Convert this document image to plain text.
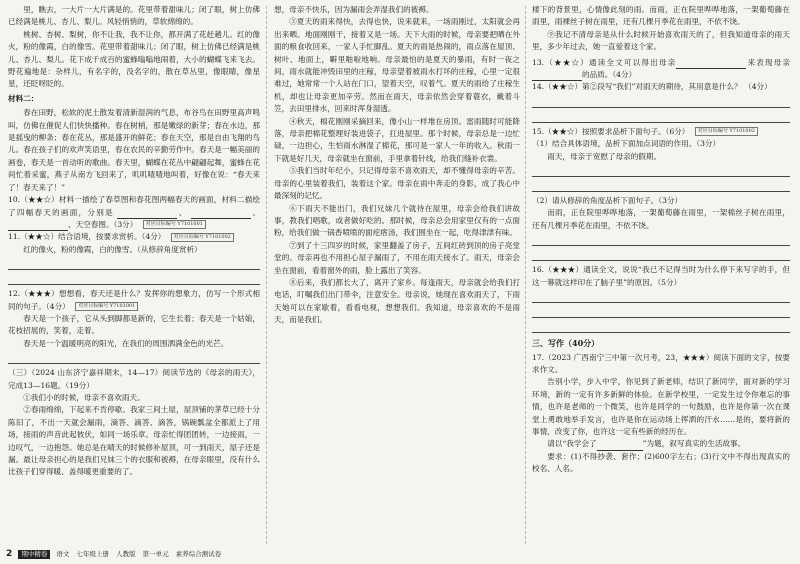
里，瞧去，一大片一大片满是的。花里带着甜味儿；闭了眼，树上仿佛已经满是桃儿、杏儿、梨儿。风轻悄悄的，草软绵绵的。

桃树、杏树、梨树，你不让我，我不让你，都开满了花赶趟儿。红的像火，粉的像霞，白的像雪。花里带着甜味儿；闭了眼，树上仿佛已经满是桃儿、杏儿、梨儿。花下成千成百的蜜蜂嗡嗡地闹着，大小的蝴蝶飞来飞去。野花遍地是：杂样儿，有名字的，没名字的，散在草丛里，像眼睛，像星星，还眨呀眨的。

材料二：

春在田野，松软的泥土散发着清新湿润的气息，布谷鸟在田野里高声鸣叫，仿佛在催促人们快快播种。春在树梢，那是嫩绿的新芽；春在水边，那是摇曳的柳条；春在花丛，那是盛开的鲜花；春在天空，那是自由飞翔的鸟儿。春在孩子们的欢声笑语里，春在农民的辛勤劳作中。春天是一幅美丽的画卷，春天是一首动听的歌曲。春天里，蝴蝶在花丛中翩翩起舞，蜜蜂在花间忙着采蜜，燕子从南方飞回来了，叽叽喳喳地叫着，好像在说：“春天来了！春天来了！”

10.（★★☆）材料一描绘了春草图和春花图两幅春天的画面，材料二描绘了四幅春天的画面，分别是	、	、 、天空春图。（3分） 对应目标编号 Y7101001

11.（★★☆）结合语境，按要求赏析。（4分） 对应目标编号 Y7101002

红的像火，粉的像霞，白的像雪。（从修辞角度赏析）

12.（★★★）想想看，春天还是什么？发挥你的想象力，仿写一个形式相同的句子。（4分） 对应目标编号 Y7101001

春天是一个孩子，它从头到脚都是新的，它生长着；春天是一个姑娘，花枝招展的，笑着，走着。

春天是一个温暖明亮的阳光，在我们的周围洒满金色的光芒。

（三）（2024 山东济宁嘉祥期末，14—17）阅读节选的《母亲的雨天》，完成13—16题。（19分）

①我们小的时候，母亲不喜欢雨天。

②春雨绵绵，下起来不肯停歇。我家三间土屋，屋顶铺的茅草已经十分陈旧了，不出一天就会漏雨，滴答、滴答、滴答，锅碗瓢盆全都派上了用场，接雨的声音此起彼伏，如同一场乐章。母亲忙得团团转，一边接雨，一边叹气，一边抱怨。她总是在晴天的时候修补屋顶，可一到雨天，屋子还是漏。最让母亲担心的是我们兄妹三个的衣服和被褥，在母亲眼里，没有什么比孩子们穿得暖、盖得暖更重要的了。

想，母亲不快乐，因为漏雨会弄湿我们的被褥。

③夏天的雨来得快，去得也快，说来就来，一场雨刚过，太阳就会再出来晒。地面刚刚干，接着又是一场。天下大雨的时候，母亲要把晒在外面的粮食收回来，一家人手忙脚乱。夏天的雨是热闹的，雨点落在屋顶、树叶、地面上，噼里啪啦地响。母亲最怕的是夏天的暴雨，有时一夜之间，雨水就能冲毁田里的庄稼，母亲望着被雨水打坏的庄稼，心里一定很难过，她常常一个人站在门口，望着天空，叹着气。夏天的雨给了庄稼生机，却也让母亲更加辛劳。然而在雨天，母亲依然会穿着蓑衣，戴着斗笠，去田里排水，回来时浑身湿透。

④秋天，棉花刚刚采摘回来，像小山一样堆在房顶。雷雨随时可能降落，母亲把棉花整理好装进袋子，扛进屋里。那个时候，母亲总是一边忙碌，一边担心，生怕雨水淋湿了棉花，那可是一家人一年的收入。秋雨一下就是好几天，母亲就坐在窗前，手里拿着针线，给我们缝补衣裳。

⑤我们当时年纪小，只记得母亲不喜欢雨天，却不懂得母亲的辛苦。母亲的心里装着我们，装着这个家。母亲在雨中奔走的身影，成了我心中最深刻的记忆。

⑥下雨天不能出门，我们兄妹几个就待在屋里，母亲会给我们讲故事，教我们唱歌，或者做好吃的。那时候，母亲总会用家里仅有的一点面粉，给我们做一锅香喷喷的面疙瘩汤，我们围坐在一起，吃得津津有味。

⑦到了十三四岁的时候，家里翻盖了房子，五间红砖到顶的房子亮堂堂的。母亲再也不用担心屋子漏雨了，不用在雨天接水了。雨天，母亲会坐在窗前，看着窗外的雨，脸上露出了笑容。

⑧后来，我们都长大了，离开了家乡。每逢雨天，母亲就会给我们打电话，叮嘱我们出门带伞，注意安全。母亲说，她现在喜欢雨天了，下雨天她可以在家歇着，看看电视，想想我们。我知道，母亲喜欢的不是雨天，而是我们。

楼下的背景里，心情像此刻的雨。而雨，正在院里哗哗地落，一架葡萄藤在雨里，雨裸丝子树在雨里，还有几棵月季花在雨里，不依不饶。

⑨我记不清母亲是从什么时候开始喜欢雨天的了，但我知道母亲的雨天里，多少年过去，她一直爱着这个家。

13.（★★☆）通读全文可以得出母亲	来表现母亲的品质。（4分）

14.（★★☆）第②段写“我们”对雨天的期待，其用意是什么？ （4分）

15.（★★☆）按照要求品析下面句子。（6分） 对应目标编号 Y7101002

（1）结合具体语境，品析下面加点词语的作用。（3分）

雨天，母亲于宽慰了母亲的假期。

（2）请从修辞的角度品析下面句子。（3分）

而雨，正在院里哗哗地落，一架葡萄藤在雨里，一架棉丝子树在雨里，还有几棵月季花在雨里，不依不饶。

16.（★★★）通读全文，说说“我已不记得当时为什么停下来写字的手，但这一幕就这样印在了脑子里”的原因。（5分）

三、写作（40分）

17.（2023 广西南宁三中第一次月考，23，★★★）阅读下面的文字，按要求作文。

告别小学，步入中学，你见到了新老师，结识了新同学，面对新的学习环境，新的一定有许多新鲜的体验。在新学校里，一定发生过令你难忘的事情，也许是老师的一个微笑，也许是同学的一句鼓励，也许是你第一次在课堂上勇敢地举手发言，也许是你在运动场上挥洒的汗水……是的，要将新的事情，改变了你，也许这一定有些新的经历在。

请以“我学会了	”为题，叙写真实的生活故事。

要求：(1)不得抄袭、套作；(2)600字左右；(3)行文中不得出现真实的校名、人名。

2 期中精卷 语文 七年级上册 人教版 第一单元 素养综合测试卷
